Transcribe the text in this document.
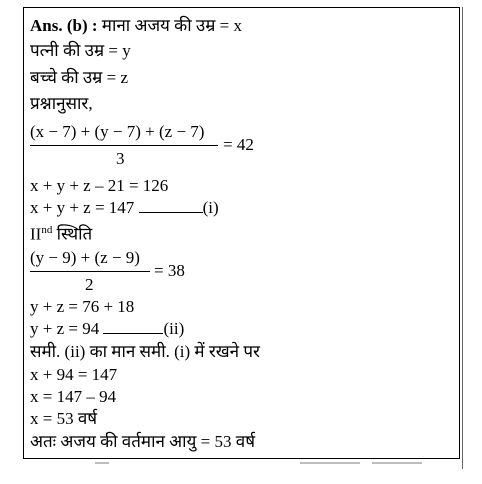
Ans. (b) : माना अजय की उम्र = x
पत्नी की उम्र = y
बच्चे की उम्र = z
प्रश्नानुसार,
(x − 7) + (y − 7) + (z − 7)
3
= 42
x + y + z – 21 = 126
x + y + z = 147	(i)
IInd स्थिति
(y − 9) + (z − 9)
2
= 38
y + z = 76 + 18
y + z = 94	(ii)
समी. (ii) का मान समी. (i) में रखने पर
x + 94 = 147
x = 147 – 94
x = 53 वर्ष
अतः अजय की वर्तमान आयु = 53 वर्ष
